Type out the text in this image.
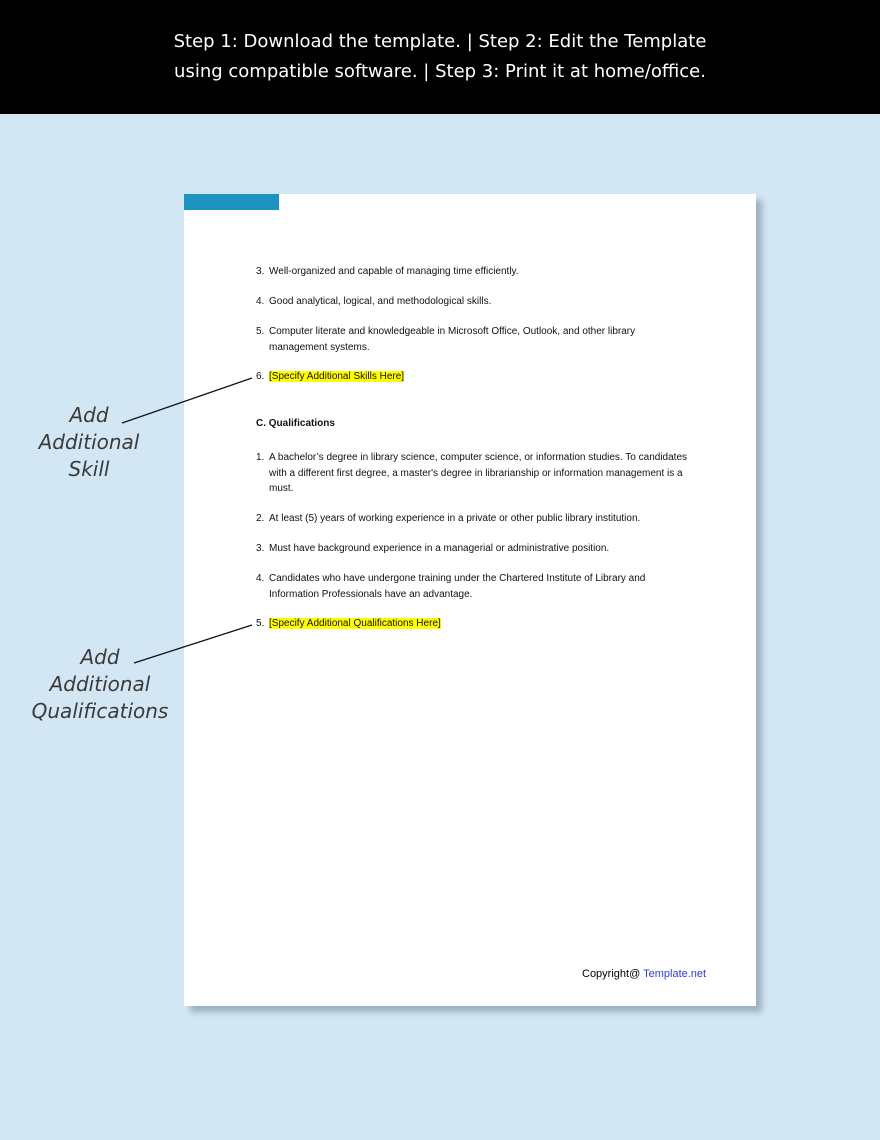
Step 1: Download the template. | Step 2: Edit the Template
using compatible software. | Step 3: Print it at home/office.
3. Well-organized and capable of managing time efficiently.
4. Good analytical, logical, and methodological skills.
5. Computer literate and knowledgeable in Microsoft Office, Outlook, and other library management systems.
6. [Specify Additional Skills Here]
C. Qualifications
1. A bachelor’s degree in library science, computer science, or information studies. To candidates with a different first degree, a master's degree in librarianship or information management is a must.
2. At least (5) years of working experience in a private or other public library institution.
3. Must have background experience in a managerial or administrative position.
4. Candidates who have undergone training under the Chartered Institute of Library and Information Professionals have an advantage.
5. [Specify Additional Qualifications Here]
Copyright@ Template.net
Add
Additional
Skill
Add
Additional
Qualifications
